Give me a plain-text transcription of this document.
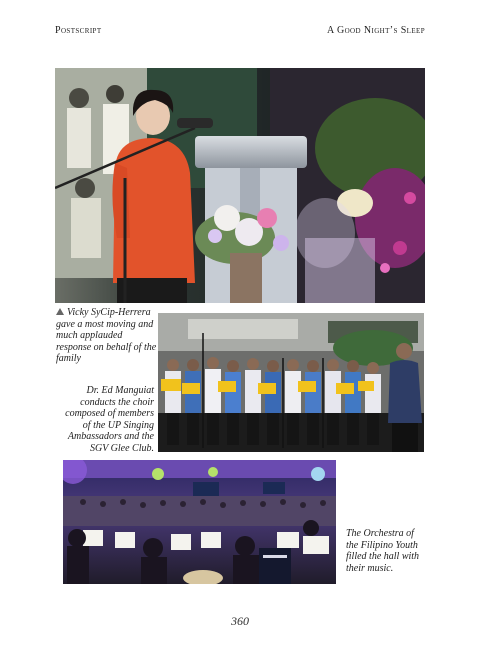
Postscript	A Good Night’s Sleep
Vicky SyCip-Herrera gave a most moving and much applauded response on behalf of the family
Dr. Ed Manguiat conducts the choir composed of members of the UP Singing Ambassadors and the SGV Glee Club.
The Orchestra of the Filipino Youth filled the hall with their music.
360
